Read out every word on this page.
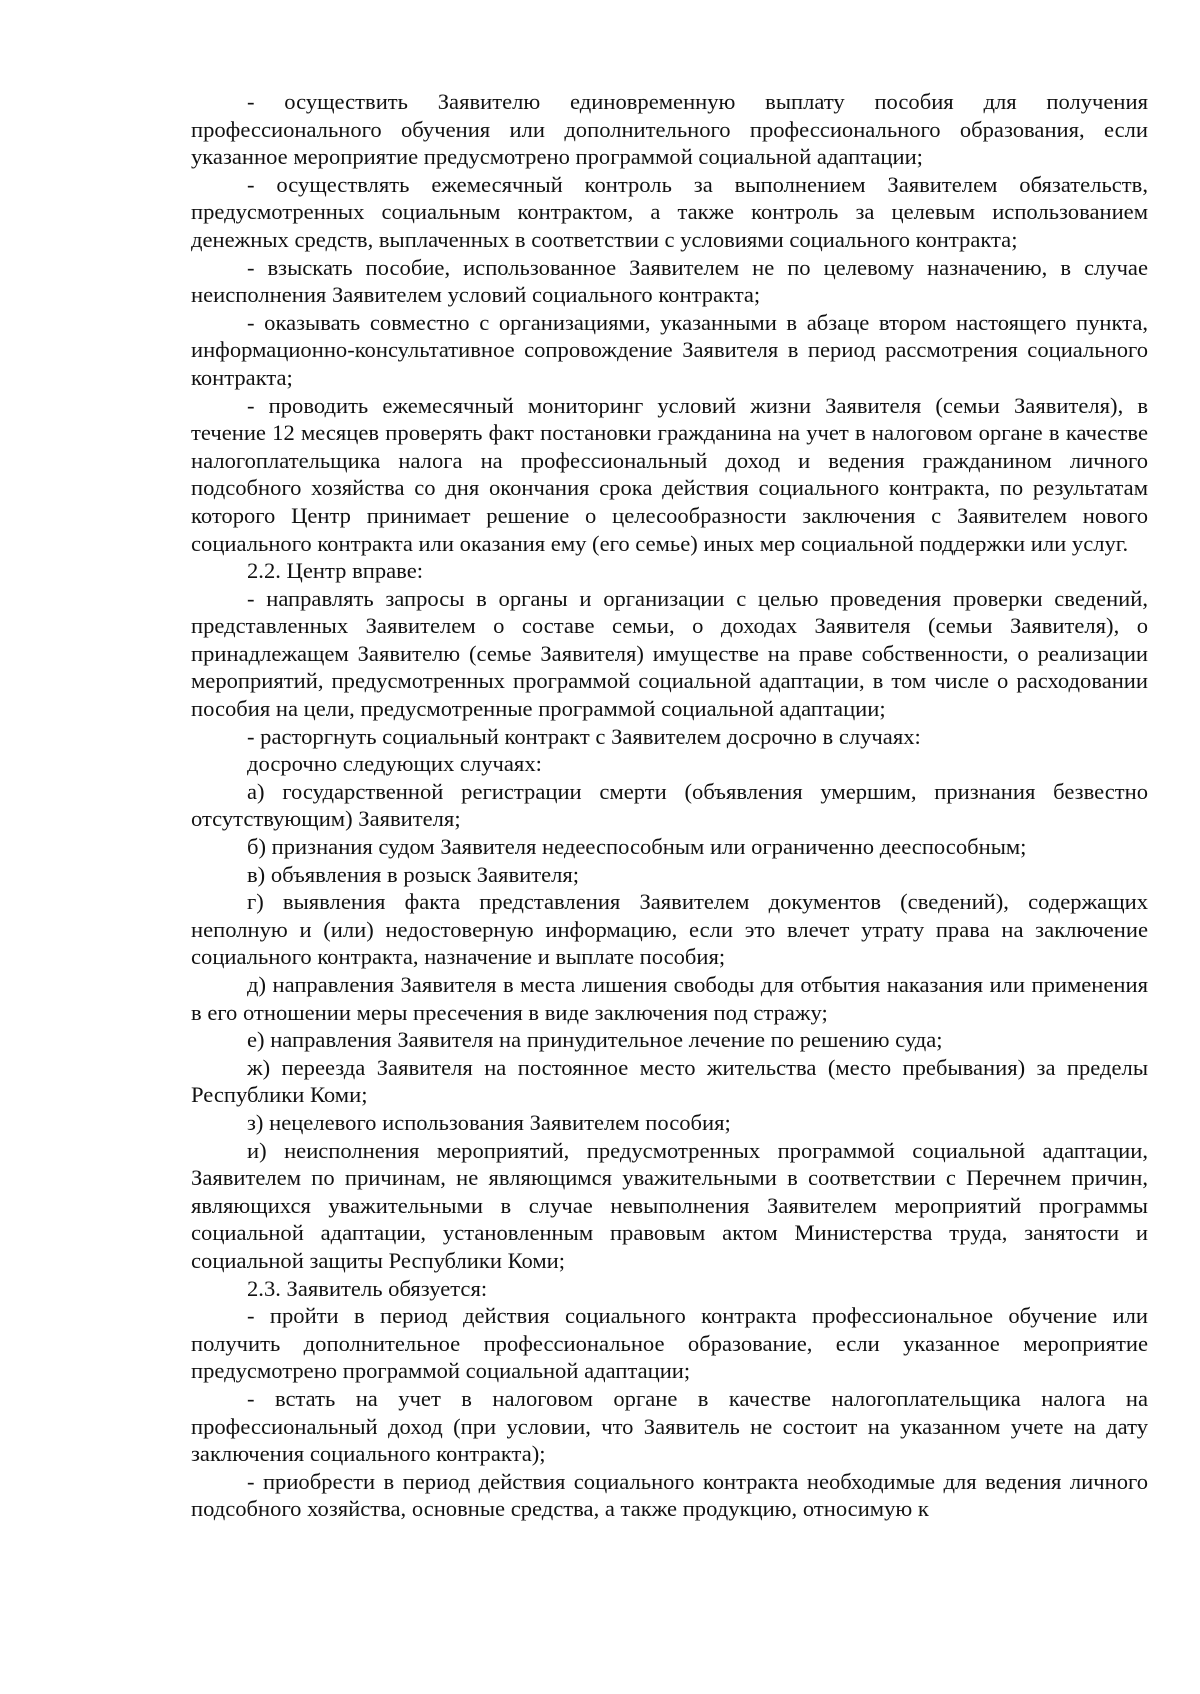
- осуществить Заявителю единовременную выплату пособия для получения профессионального обучения или дополнительного профессионального образования, если указанное мероприятие предусмотрено программой социальной адаптации;

- осуществлять ежемесячный контроль за выполнением Заявителем обязательств, предусмотренных социальным контрактом, а также контроль за целевым использованием денежных средств, выплаченных в соответствии с условиями социального контракта;

- взыскать пособие, использованное Заявителем не по целевому назначению, в случае неисполнения Заявителем условий социального контракта;

- оказывать совместно с организациями, указанными в абзаце втором настоящего пункта, информационно-консультативное сопровождение Заявителя в период рассмотрения социального контракта;

- проводить ежемесячный мониторинг условий жизни Заявителя (семьи Заявителя), в течение 12 месяцев проверять факт постановки гражданина на учет в налоговом органе в качестве налогоплательщика налога на профессиональный доход и ведения гражданином личного подсобного хозяйства со дня окончания срока действия социального контракта, по результатам которого Центр принимает решение о целесообразности заключения с Заявителем нового социального контракта или оказания ему (его семье) иных мер социальной поддержки или услуг.

2.2. Центр вправе:

- направлять запросы в органы и организации с целью проведения проверки сведений, представленных Заявителем о составе семьи, о доходах Заявителя (семьи Заявителя), о принадлежащем Заявителю (семье Заявителя) имуществе на праве собственности, о реализации мероприятий, предусмотренных программой социальной адаптации, в том числе о расходовании пособия на цели, предусмотренные программой социальной адаптации;

- расторгнуть социальный контракт с Заявителем досрочно в случаях:

досрочно следующих случаях:

а) государственной регистрации смерти (объявления умершим, признания безвестно отсутствующим) Заявителя;

б) признания судом Заявителя недееспособным или ограниченно дееспособным;

в) объявления в розыск Заявителя;

г) выявления факта представления Заявителем документов (сведений), содержащих неполную и (или) недостоверную информацию, если это влечет утрату права на заключение социального контракта, назначение и выплате пособия;

д) направления Заявителя в места лишения свободы для отбытия наказания или применения в его отношении меры пресечения в виде заключения под стражу;

е) направления Заявителя на принудительное лечение по решению суда;

ж) переезда Заявителя на постоянное место жительства (место пребывания) за пределы Республики Коми;

з) нецелевого использования Заявителем пособия;

и) неисполнения мероприятий, предусмотренных программой социальной адаптации, Заявителем по причинам, не являющимся уважительными в соответствии с Перечнем причин, являющихся уважительными в случае невыполнения Заявителем мероприятий программы социальной адаптации, установленным правовым актом Министерства труда, занятости и социальной защиты Республики Коми;

2.3. Заявитель обязуется:

- пройти в период действия социального контракта профессиональное обучение или получить дополнительное профессиональное образование, если указанное мероприятие предусмотрено программой социальной адаптации;

- встать на учет в налоговом органе в качестве налогоплательщика налога на профессиональный доход (при условии, что Заявитель не состоит на указанном учете на дату заключения социального контракта);

- приобрести в период действия социального контракта необходимые для ведения личного подсобного хозяйства, основные средства, а также продукцию, относимую к
